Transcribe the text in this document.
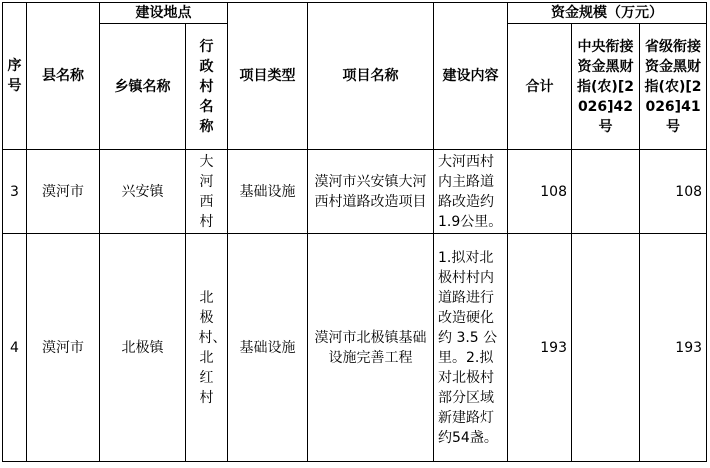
序号	县名称	建设地点		项目类型	项目名称	建设内容	资金规模（万元）		
		乡镇名称	行政村名称				合计	中央衔接资金黑财指(农)[2026]42号	省级衔接资金黑财指(农)[2026]41号

3	漠河市	兴安镇	大河西村	基础设施	漠河市兴安镇大河西村道路改造项目	大河西村内主路道路改造约1.9公里。	108		108
4	漠河市	北极镇	北极村、北红村	基础设施	漠河市北极镇基础设施完善工程	1.拟对北极村村内道路进行改造硬化约 3.5 公里。2.拟对北极村部分区域新建路灯约54盏。	193		193
